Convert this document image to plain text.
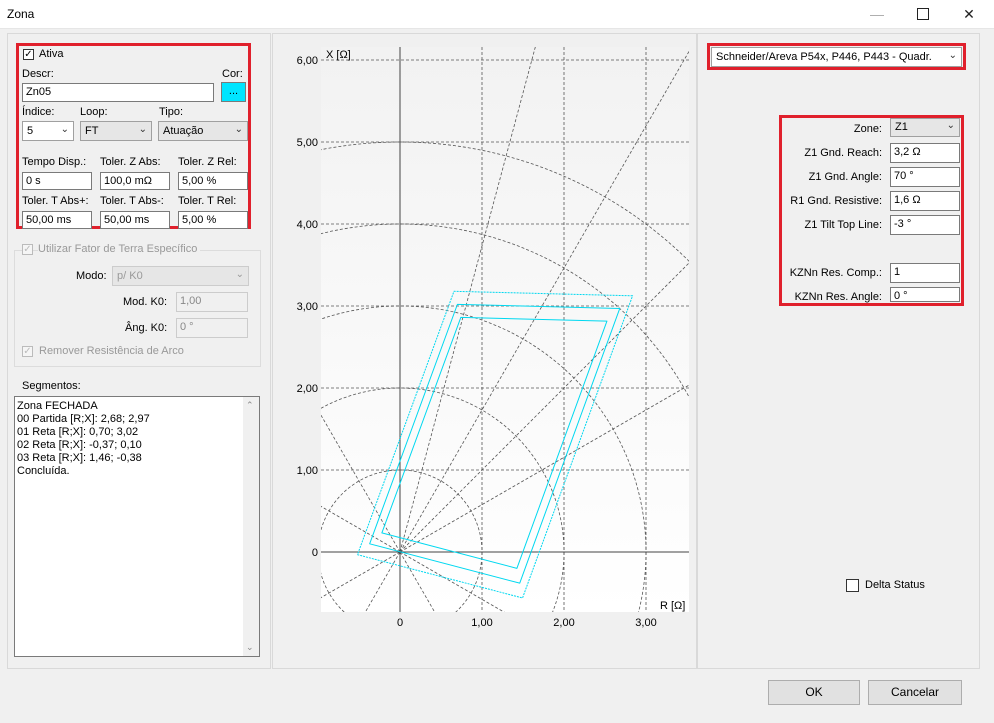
Zona	—	✕
✓ Ativa
Descr:
Zn05
Cor:
...
Índice:
5	⌄
Loop:
FT	⌄
Tipo:
Atuação	⌄
Tempo Disp.:
0 s
Toler. Z Abs:
100,0 mΩ
Toler. Z Rel:
5,00 %
Toler. T Abs+:
50,00 ms
Toler. T Abs-:
50,00 ms
Toler. T Rel:
5,00 %
✓ Utilizar Fator de Terra Específico
Modo: p/ K0	⌄
Mod. K0:	1,00
Âng. K0:	0 °
✓ Remover Resistência de Arco
Segmentos:
Zona FECHADA
00 Partida [R;X]: 2,68; 2,97
01 Reta [R;X]: 0,70; 3,02
02 Reta [R;X]: -0,37; 0,10
03 Reta [R;X]: 1,46; -0,38
Concluída.
⌃
⌄
6,00
5,00
4,00
3,00
2,00
1,00
0
0	1,00	2,00	3,00
X [Ω]
R [Ω]
Schneider/Areva P54x, P446, P443 - Quadr. ⌄
Zone:	Z1	⌄
Z1 Gnd. Reach:	3,2 Ω
Z1 Gnd. Angle:	70 °
R1 Gnd. Resistive:	1,6 Ω
Z1 Tilt Top Line:	-3 °
KZNn Res. Comp.:	1
KZNn Res. Angle:	0 °
Delta Status
OK	Cancelar
